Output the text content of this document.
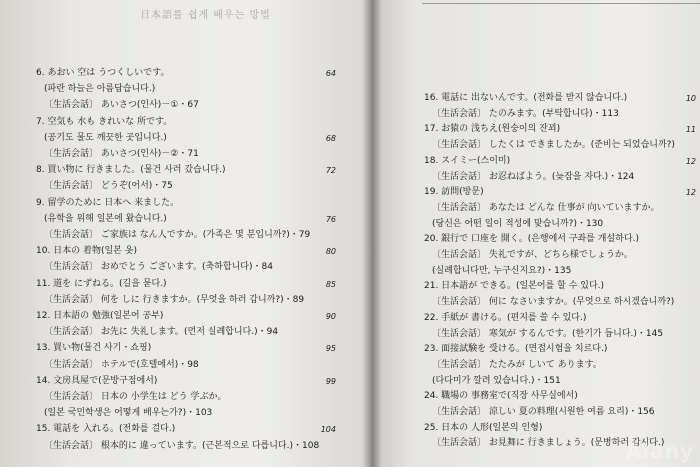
日本語를 쉽게 배우는 방법
6. あおい 空は うつくしいです。	64
(파란 하늘은 아름답습니다.)
〔生活会話〕 あいさつ(인사)－①・67
7. 空気も 水も きれいな 所です。
(공기도 물도 깨끗한 곳입니다.)	68
〔生活会話〕 あいさつ(인사)－②・71
8. 買い物に 行きました。(물건 사러 갔습니다.)	72
〔生活会話〕 どうぞ(어서)・75
9. 留学のために 日本へ 来ました。
(유학을 위해 일본에 왔습니다.)	76
〔生活会話〕 ご家族は なん人ですか。(가족은 몇 분입니까?)・79
10. 日本の 着物(일본 옷)	80
〔生活会話〕 おめでとう ございます。(축하합니다)・84
11. 道を にずねる。(길을 묻다.)	85
〔生活会話〕 何を しに 行きますか。(무엇을 하러 갑니까?)・89
12. 日本語の 勉強(일본어 공부)	90
〔生活会話〕 お先に 失礼します。(먼저 실례합니다.)・94
13. 買い物(물건 사기・쇼핑)	95
〔生活会話〕 ホテルで(호텔에서)・98
14. 文房具屋で(문방구점에서)	99
〔生活会話〕 日本の 小学生は どう 学ぶか。
(일본 국민학생은 어떻게 배우는가?)・103
15. 電話を 入れる。(전화를 걸다.)	104
〔生活会話〕 根本的に 違っています。(근본적으로 다릅니다.)・108
16. 電話に 出ないんです。(전화를 받지 않습니다.)	10
〔生活会話〕 たのみます。(부탁합니다)・113
17. お猿の 浅ちえ(원숭이의 잔꾀)	11
〔生活会話〕 したくは できましたか。(준비는 되었습니까?)
18. スイミー(스이미)	12
〔生活会話〕 お忍ねばよう。(늦잠을 자다.)・124
19. 訪問(방문)	12
〔生活会話〕 あなたは どんな 仕事が 向いていますか。
(당신은 어떤 일이 적성에 맞습니까?)・130
20. 銀行で 口座を 開く。(은행에서 구좌를 개설하다.)
〔生活会話〕 失礼ですが、どちら様でしょうか。
(실례합니다만, 누구신지요?)・135
21. 日本語が できる。(일본어를 할 수 있다.)
〔生活会話〕 何に なさいますか。(무엇으로 하시겠습니까?)
22. 手紙が 書ける。(편지를 쓸 수 있다.)
〔生活会話〕 寒気が するんです。(한기가 듭니다.)・145
23. 面接試験を 受ける。(면접시험을 치르다.)
〔生活会話〕 たたみが しいて あります。
(다다미가 깔려 있습니다.)・151
24. 職場の 事務室で(직장 사무실에서)
〔生活会話〕 涼しい 夏の料理(시원한 여름 요리)・156
25. 日本の 人形(일본의 인형)
〔生活会話〕 お見舞に 行きましょう。(문병하러 갑시다.)
Alany
